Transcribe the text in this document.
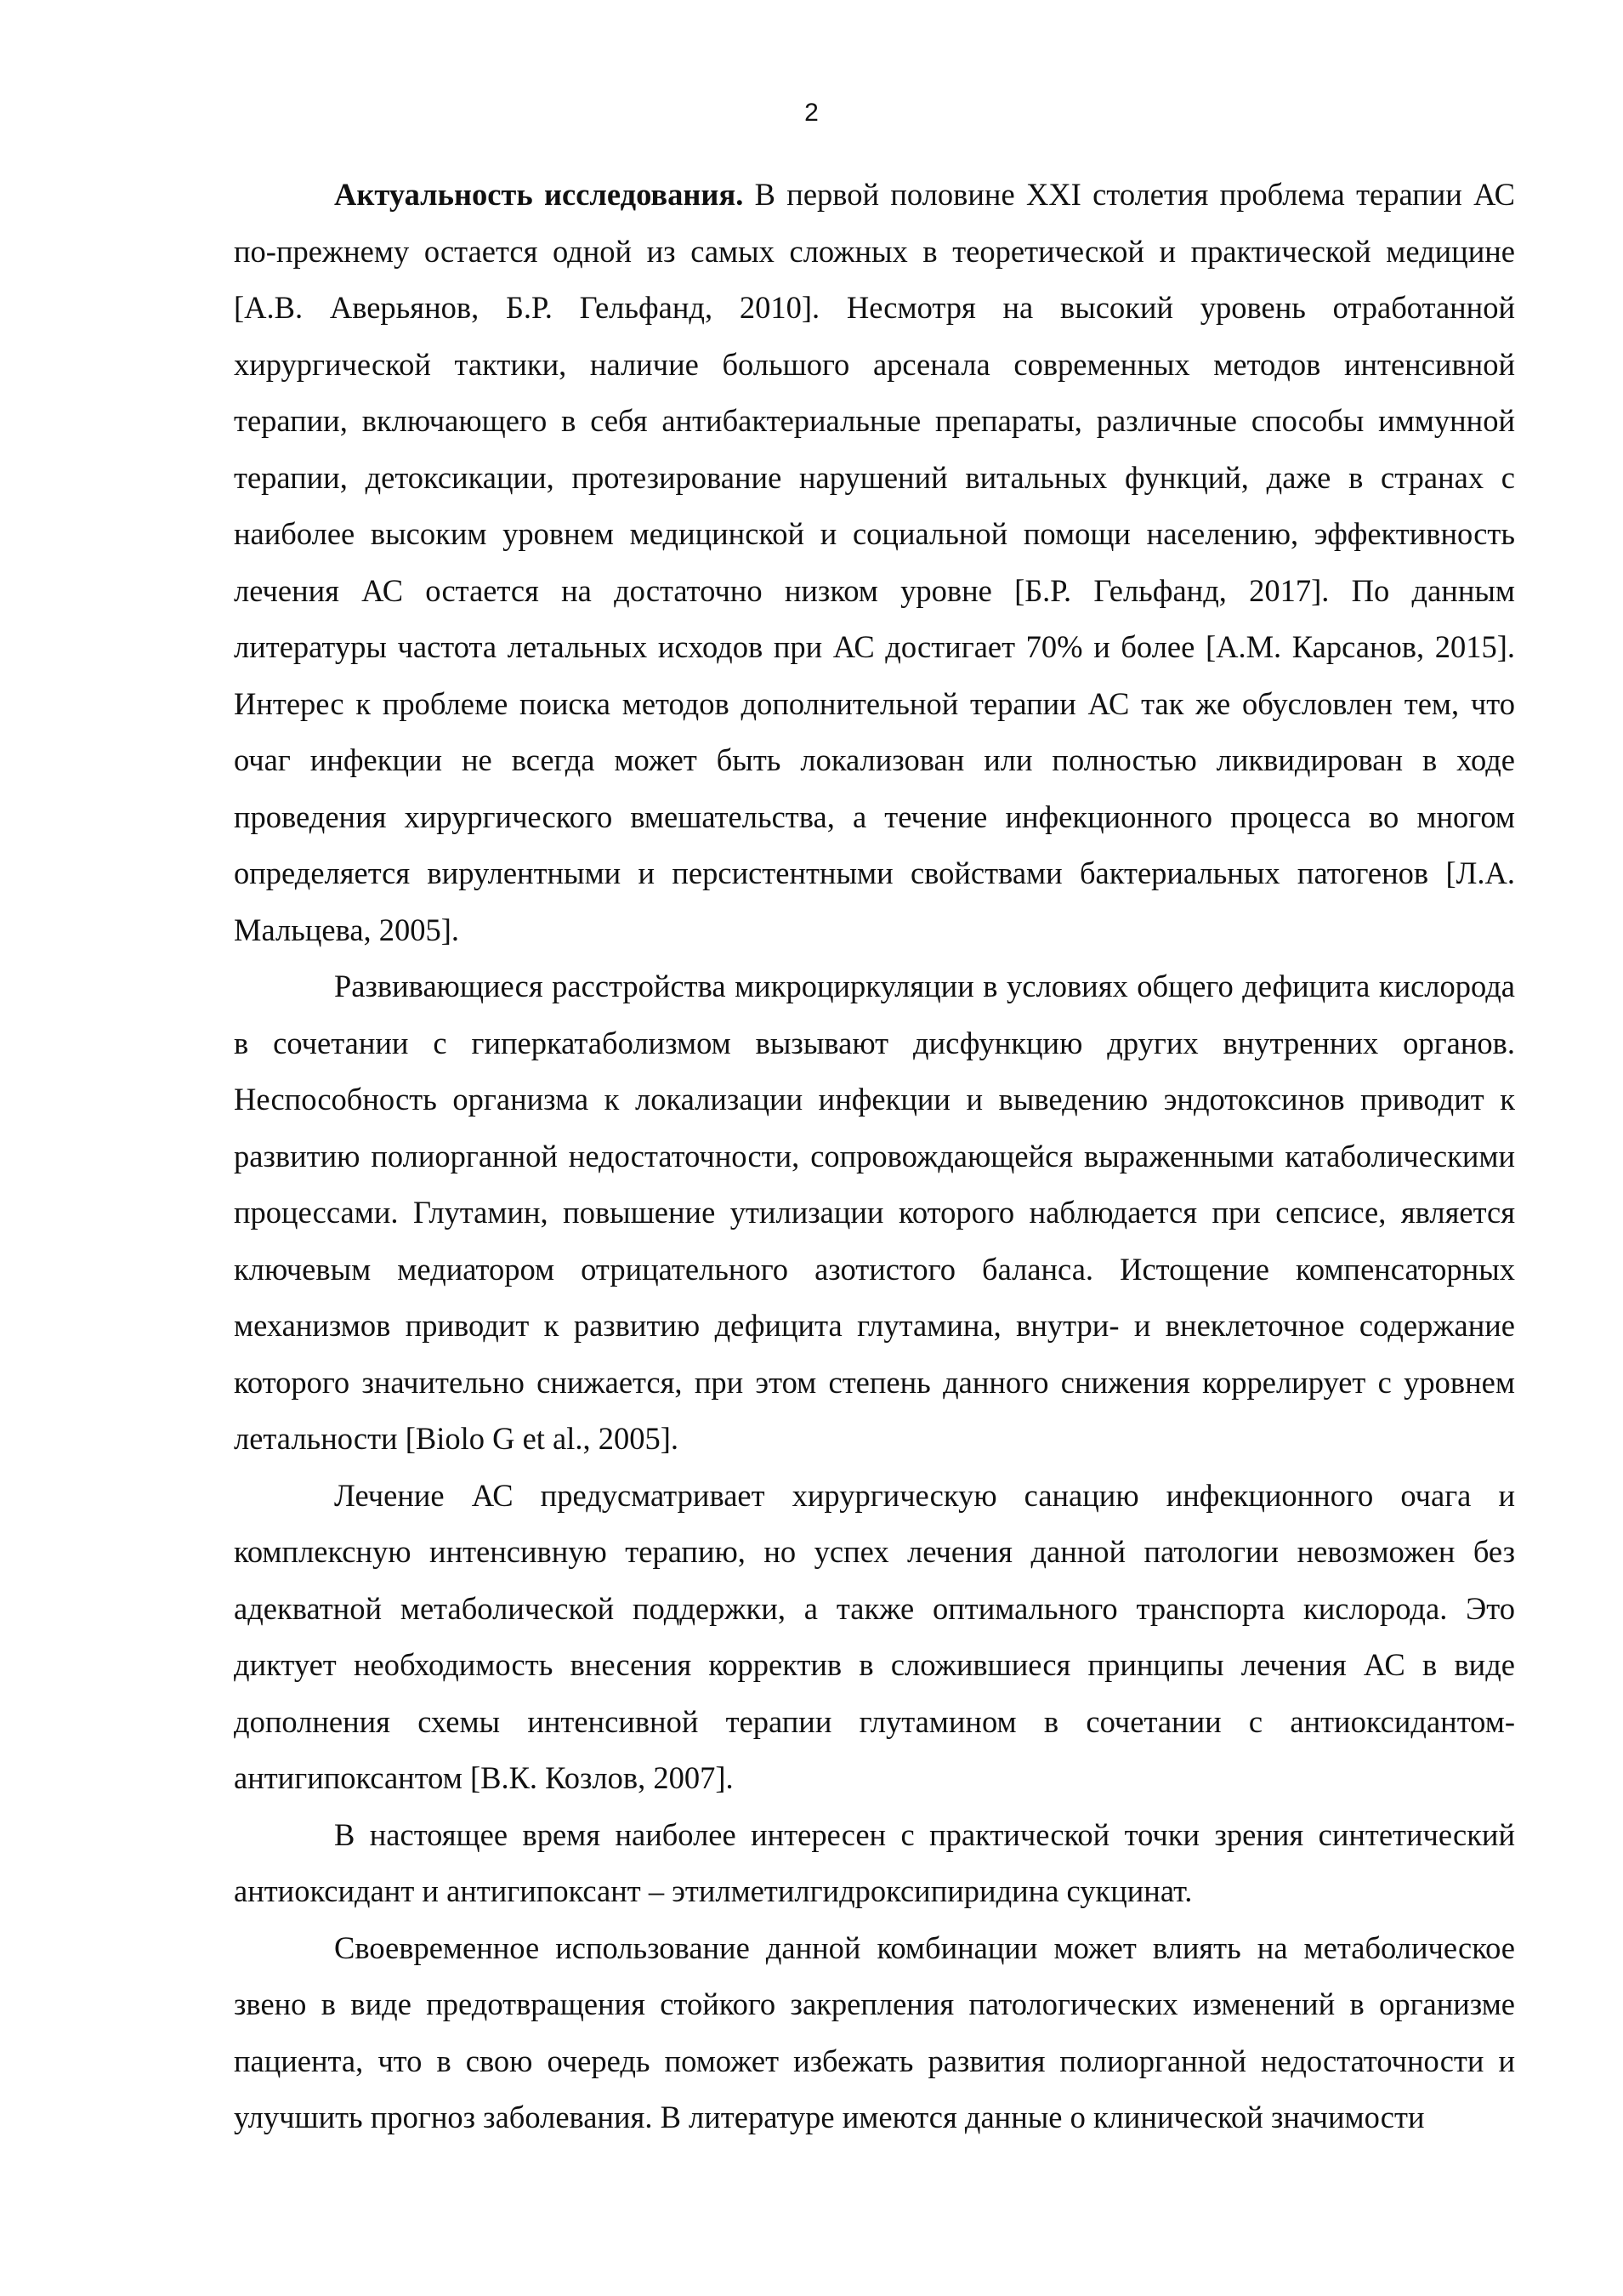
2

Актуальность исследования. В первой половине XXI столетия проблема терапии АС по-прежнему остается одной из самых сложных в теоретической и практической медицине [А.В. Аверьянов, Б.Р. Гельфанд, 2010]. Несмотря на высокий уровень отработанной хирургической тактики, наличие большого арсенала современных методов интенсивной терапии, включающего в себя антибактериальные препараты, различные способы иммунной терапии, детоксикации, протезирование нарушений витальных функций, даже в странах с наиболее высоким уровнем медицинской и социальной помощи населению, эффективность лечения АС остается на достаточно низком уровне [Б.Р. Гельфанд, 2017]. По данным литературы частота летальных исходов при АС достигает 70% и более [А.М. Карсанов, 2015]. Интерес к проблеме поиска методов дополнительной терапии АС так же обусловлен тем, что очаг инфекции не всегда может быть локализован или полностью ликвидирован в ходе проведения хирургического вмешательства, а течение инфекционного процесса во многом определяется вирулентными и персистентными свойствами бактериальных патогенов [Л.А. Мальцева, 2005].

Развивающиеся расстройства микроциркуляции в условиях общего дефицита кислорода в сочетании с гиперкатаболизмом вызывают дисфункцию других внутренних органов. Неспособность организма к локализации инфекции и выведению эндотоксинов приводит к развитию полиорганной недостаточности, сопровождающейся выраженными катаболическими процессами. Глутамин, повышение утилизации которого наблюдается при сепсисе, является ключевым медиатором отрицательного азотистого баланса. Истощение компенсаторных механизмов приводит к развитию дефицита глутамина, внутри- и внеклеточное содержание которого значительно снижается, при этом степень данного снижения коррелирует с уровнем летальности [Biolo G et al., 2005].

Лечение АС предусматривает хирургическую санацию инфекционного очага и комплексную интенсивную терапию, но успех лечения данной патологии невозможен без адекватной метаболической поддержки, а также оптимального транспорта кислорода. Это диктует необходимость внесения корректив в сложившиеся принципы лечения АС в виде дополнения схемы интенсивной терапии глутамином в сочетании с антиоксидантом-антигипоксантом [В.К. Козлов, 2007].

В настоящее время наиболее интересен с практической точки зрения синтетический антиоксидант и антигипоксант – этилметилгидроксипиридина сукцинат.

Своевременное использование данной комбинации может влиять на метаболическое звено в виде предотвращения стойкого закрепления патологических изменений в организме пациента, что в свою очередь поможет избежать развития полиорганной недостаточности и улучшить прогноз заболевания. В литературе имеются данные о клинической значимости
